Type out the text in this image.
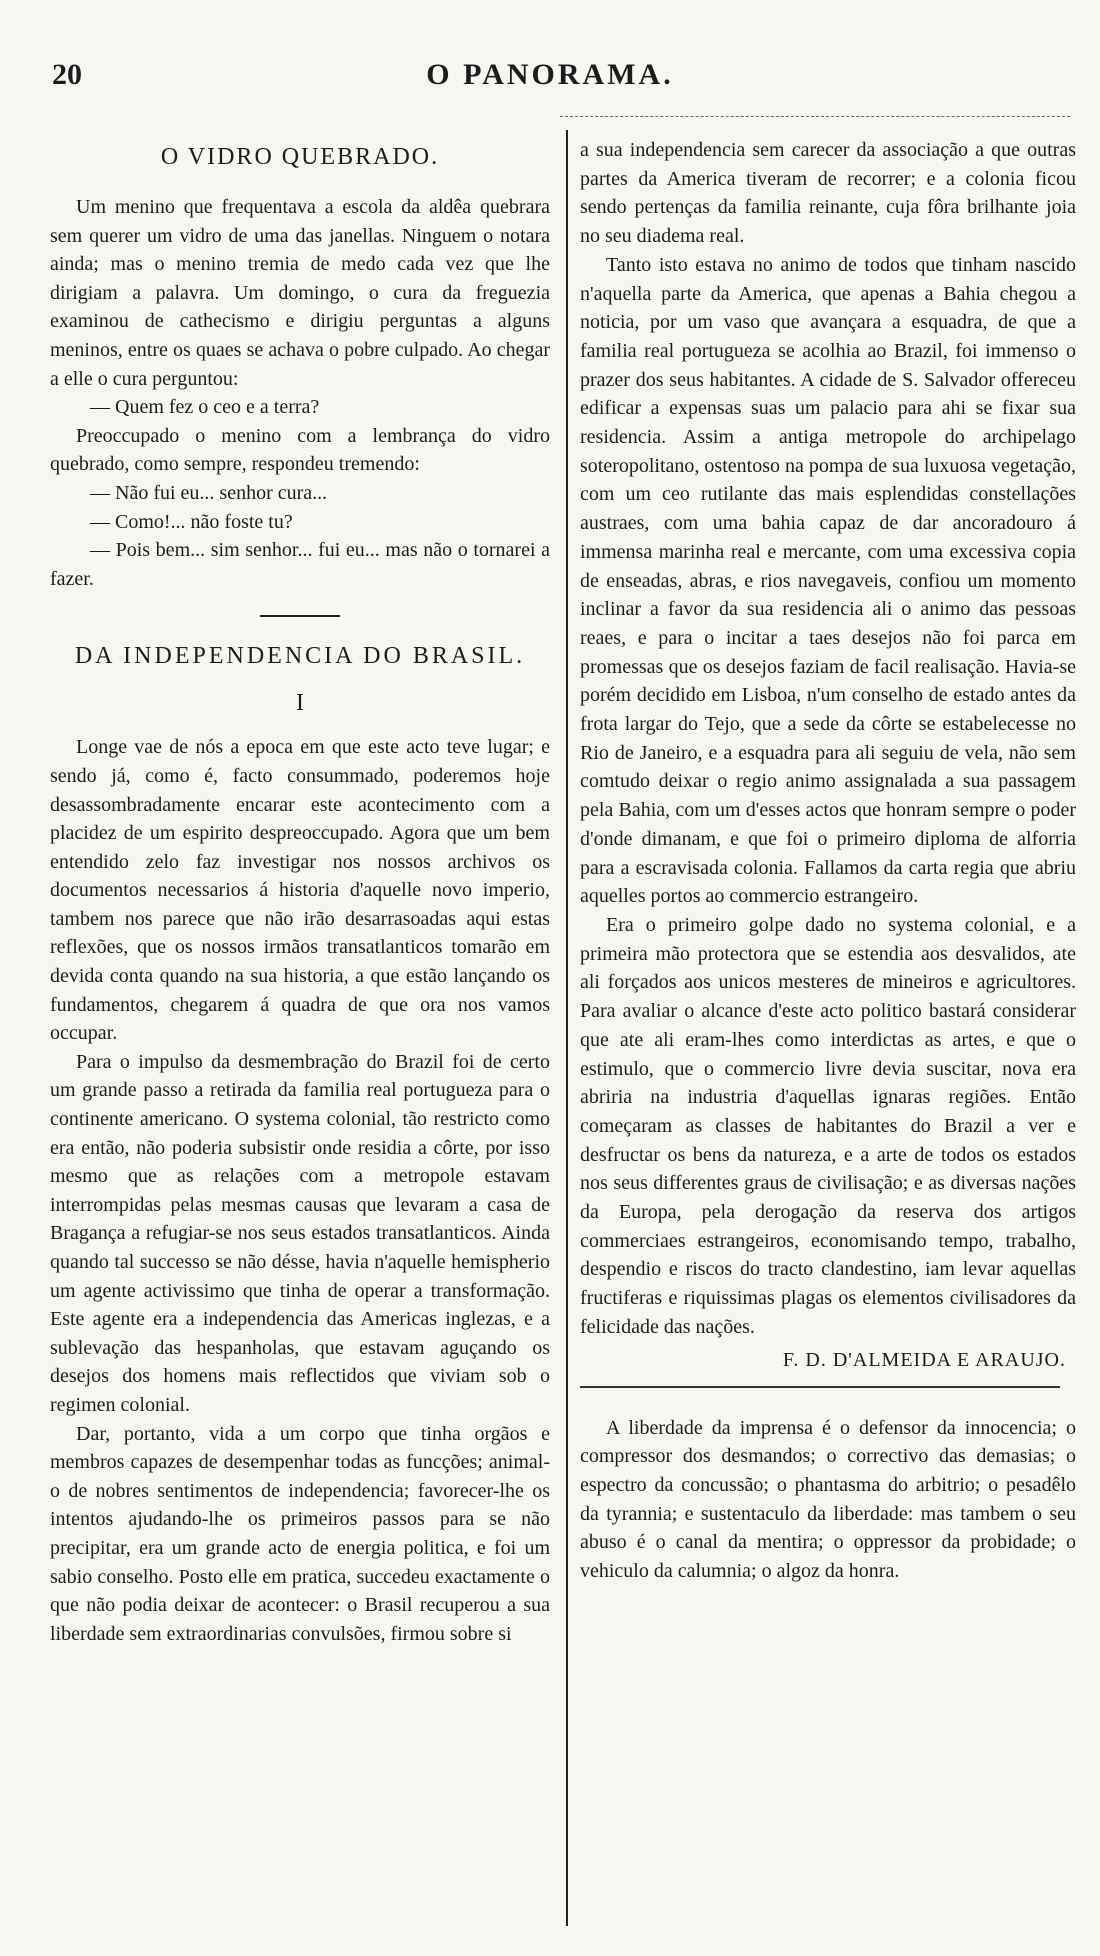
20	O PANORAMA.
O VIDRO QUEBRADO.

Um menino que frequentava a escola da aldêa quebrara sem querer um vidro de uma das janellas. Ninguem o notara ainda; mas o menino tremia de medo cada vez que lhe dirigiam a palavra. Um domingo, o cura da freguezia examinou de cathecismo e dirigiu perguntas a alguns meninos, entre os quaes se achava o pobre culpado. Ao chegar a elle o cura perguntou:

— Quem fez o ceo e a terra?

Preoccupado o menino com a lembrança do vidro quebrado, como sempre, respondeu tremendo:

— Não fui eu... senhor cura...

— Como!... não foste tu?

— Pois bem... sim senhor... fui eu... mas não o tornarei a fazer.

DA INDEPENDENCIA DO BRASIL.
I

Longe vae de nós a epoca em que este acto teve lugar; e sendo já, como é, facto consummado, poderemos hoje desassombradamente encarar este acontecimento com a placidez de um espirito despreoccupado. Agora que um bem entendido zelo faz investigar nos nossos archivos os documentos necessarios á historia d'aquelle novo imperio, tambem nos parece que não irão desarrasoadas aqui estas reflexões, que os nossos irmãos transatlanticos tomarão em devida conta quando na sua historia, a que estão lançando os fundamentos, chegarem á quadra de que ora nos vamos occupar.

Para o impulso da desmembração do Brazil foi de certo um grande passo a retirada da familia real portugueza para o continente americano. O systema colonial, tão restricto como era então, não poderia subsistir onde residia a côrte, por isso mesmo que as relações com a metropole estavam interrompidas pelas mesmas causas que levaram a casa de Bragança a refugiar-se nos seus estados transatlanticos. Ainda quando tal successo se não désse, havia n'aquelle hemispherio um agente activissimo que tinha de operar a transformação. Este agente era a independencia das Americas inglezas, e a sublevação das hespanholas, que estavam aguçando os desejos dos homens mais reflectidos que viviam sob o regimen colonial.

Dar, portanto, vida a um corpo que tinha orgãos e membros capazes de desempenhar todas as funcções; animal-o de nobres sentimentos de independencia; favorecer-lhe os intentos ajudando-lhe os primeiros passos para se não precipitar, era um grande acto de energia politica, e foi um sabio conselho. Posto elle em pratica, succedeu exactamente o que não podia deixar de acontecer: o Brasil recuperou a sua liberdade sem extraordinarias convulsões, firmou sobre si

a sua independencia sem carecer da associação a que outras partes da America tiveram de recorrer; e a colonia ficou sendo pertenças da familia reinante, cuja fôra brilhante joia no seu diadema real.

Tanto isto estava no animo de todos que tinham nascido n'aquella parte da America, que apenas a Bahia chegou a noticia, por um vaso que avançara a esquadra, de que a familia real portugueza se acolhia ao Brazil, foi immenso o prazer dos seus habitantes. A cidade de S. Salvador offereceu edificar a expensas suas um palacio para ahi se fixar sua residencia. Assim a antiga metropole do archipelago soteropolitano, ostentoso na pompa de sua luxuosa vegetação, com um ceo rutilante das mais esplendidas constellações austraes, com uma bahia capaz de dar ancoradouro á immensa marinha real e mercante, com uma excessiva copia de enseadas, abras, e rios navegaveis, confiou um momento inclinar a favor da sua residencia ali o animo das pessoas reaes, e para o incitar a taes desejos não foi parca em promessas que os desejos faziam de facil realisação. Havia-se porém decidido em Lisboa, n'um conselho de estado antes da frota largar do Tejo, que a sede da côrte se estabelecesse no Rio de Janeiro, e a esquadra para ali seguiu de vela, não sem comtudo deixar o regio animo assignalada a sua passagem pela Bahia, com um d'esses actos que honram sempre o poder d'onde dimanam, e que foi o primeiro diploma de alforria para a escravisada colonia. Fallamos da carta regia que abriu aquelles portos ao commercio estrangeiro.

Era o primeiro golpe dado no systema colonial, e a primeira mão protectora que se estendia aos desvalidos, ate ali forçados aos unicos mesteres de mineiros e agricultores. Para avaliar o alcance d'este acto politico bastará considerar que ate ali eram-lhes como interdictas as artes, e que o estimulo, que o commercio livre devia suscitar, nova era abriria na industria d'aquellas ignaras regiões. Então começaram as classes de habitantes do Brazil a ver e desfructar os bens da natureza, e a arte de todos os estados nos seus differentes graus de civilisação; e as diversas nações da Europa, pela derogação da reserva dos artigos commerciaes estrangeiros, economisando tempo, trabalho, despendio e riscos do tracto clandestino, iam levar aquellas fructiferas e riquissimas plagas os elementos civilisadores da felicidade das nações.

F. D. D'ALMEIDA E ARAUJO.

A liberdade da imprensa é o defensor da innocencia; o compressor dos desmandos; o correctivo das demasias; o espectro da concussão; o phantasma do arbitrio; o pesadêlo da tyrannia; e sustentaculo da liberdade: mas tambem o seu abuso é o canal da mentira; o oppressor da probidade; o vehiculo da calumnia; o algoz da honra.
